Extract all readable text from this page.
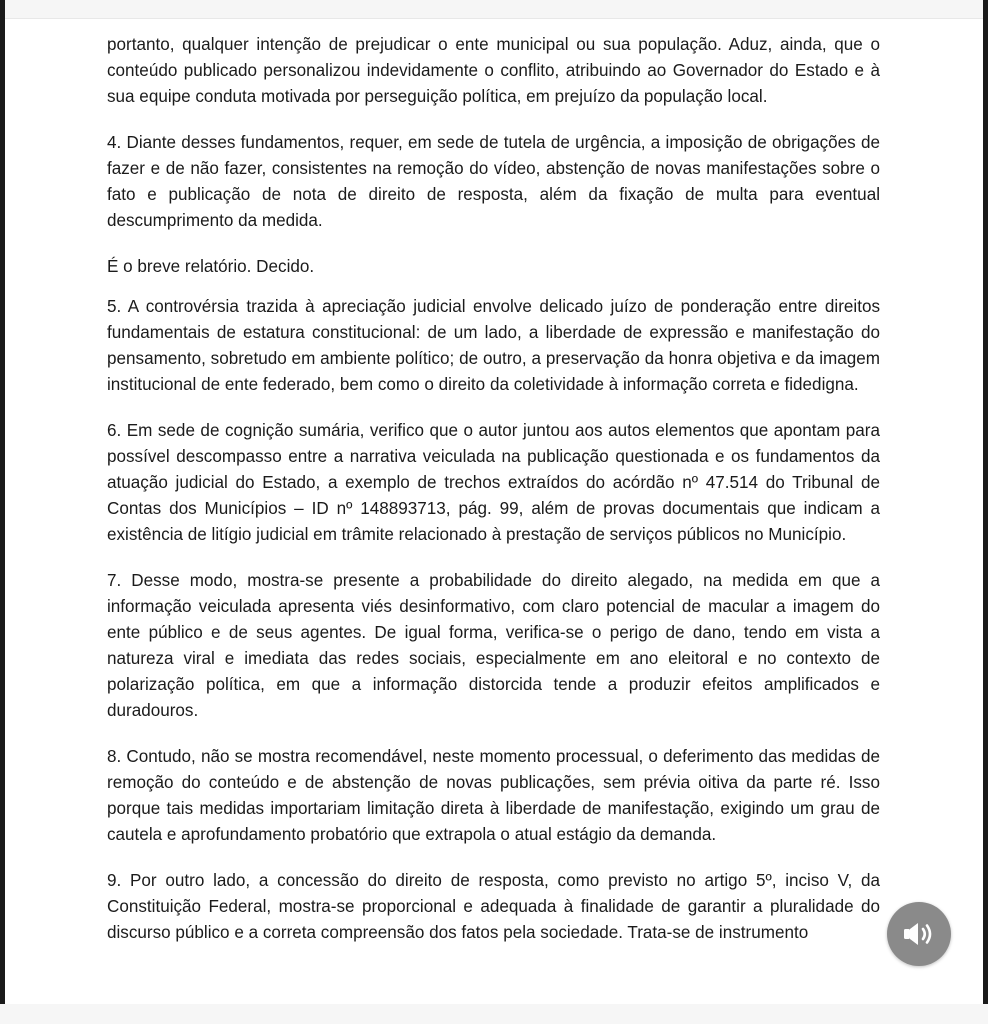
portanto, qualquer intenção de prejudicar o ente municipal ou sua população. Aduz, ainda, que o conteúdo publicado personalizou indevidamente o conflito, atribuindo ao Governador do Estado e à sua equipe conduta motivada por perseguição política, em prejuízo da população local.

4. Diante desses fundamentos, requer, em sede de tutela de urgência, a imposição de obrigações de fazer e de não fazer, consistentes na remoção do vídeo, abstenção de novas manifestações sobre o fato e publicação de nota de direito de resposta, além da fixação de multa para eventual descumprimento da medida.

É o breve relatório. Decido.

5. A controvérsia trazida à apreciação judicial envolve delicado juízo de ponderação entre direitos fundamentais de estatura constitucional: de um lado, a liberdade de expressão e manifestação do pensamento, sobretudo em ambiente político; de outro, a preservação da honra objetiva e da imagem institucional de ente federado, bem como o direito da coletividade à informação correta e fidedigna.

6. Em sede de cognição sumária, verifico que o autor juntou aos autos elementos que apontam para possível descompasso entre a narrativa veiculada na publicação questionada e os fundamentos da atuação judicial do Estado, a exemplo de trechos extraídos do acórdão nº 47.514 do Tribunal de Contas dos Municípios – ID nº 148893713, pág. 99, além de provas documentais que indicam a existência de litígio judicial em trâmite relacionado à prestação de serviços públicos no Município.

7. Desse modo, mostra-se presente a probabilidade do direito alegado, na medida em que a informação veiculada apresenta viés desinformativo, com claro potencial de macular a imagem do ente público e de seus agentes. De igual forma, verifica-se o perigo de dano, tendo em vista a natureza viral e imediata das redes sociais, especialmente em ano eleitoral e no contexto de polarização política, em que a informação distorcida tende a produzir efeitos amplificados e duradouros.

8. Contudo, não se mostra recomendável, neste momento processual, o deferimento das medidas de remoção do conteúdo e de abstenção de novas publicações, sem prévia oitiva da parte ré. Isso porque tais medidas importariam limitação direta à liberdade de manifestação, exigindo um grau de cautela e aprofundamento probatório que extrapola o atual estágio da demanda.

9. Por outro lado, a concessão do direito de resposta, como previsto no artigo 5º, inciso V, da Constituição Federal, mostra-se proporcional e adequada à finalidade de garantir a pluralidade do discurso público e a correta compreensão dos fatos pela sociedade. Trata-se de instrumento
